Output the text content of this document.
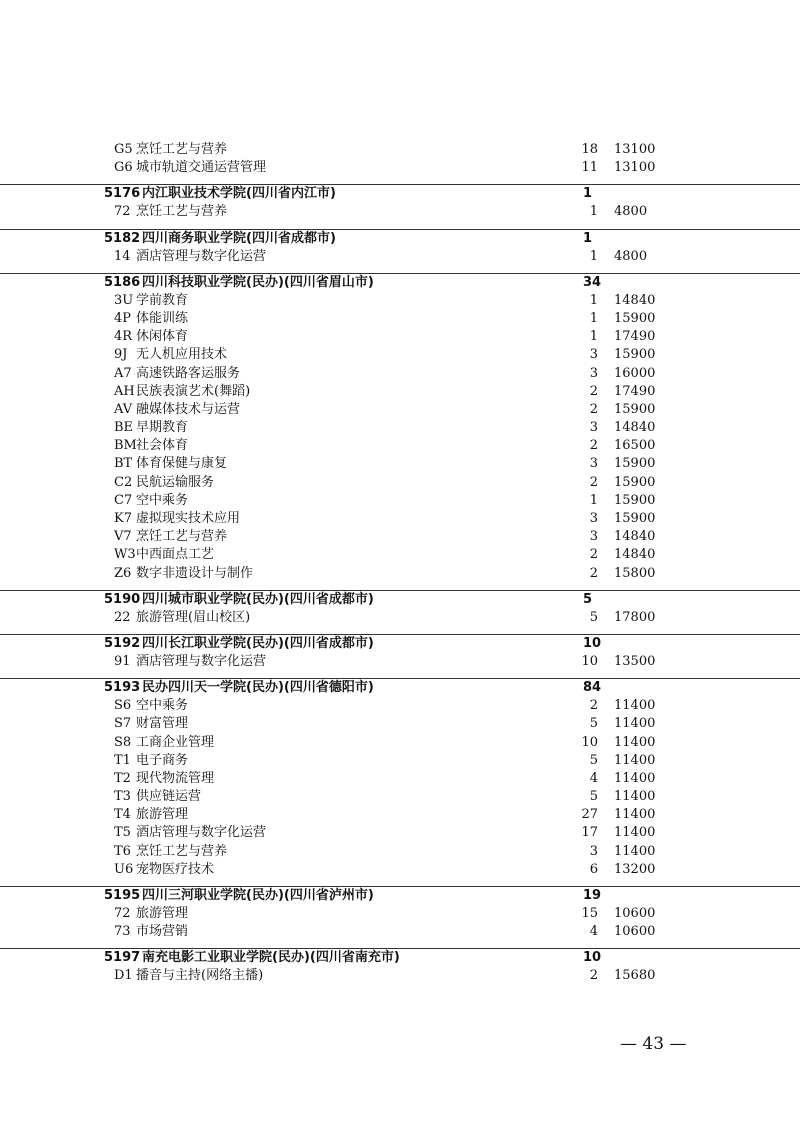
G5 烹饪工艺与营养	18 13100
G6 城市轨道交通运营管理	11 13100
5176 内江职业技术学院(四川省内江市)	1
72 烹饪工艺与营养	1 4800
5182 四川商务职业学院(四川省成都市)	1
14 酒店管理与数字化运营	1 4800
5186 四川科技职业学院(民办)(四川省眉山市)	34
3U 学前教育	1 14840
4P 体能训练	1 15900
4R 休闲体育	1 17490
9J 无人机应用技术	3 15900
A7 高速铁路客运服务	3 16000
AH 民族表演艺术(舞蹈)	2 17490
AV 融媒体技术与运营	2 15900
BE 早期教育	3 14840
BM 社会体育	2 16500
BT 体育保健与康复	3 15900
C2 民航运输服务	2 15900
C7 空中乘务	1 15900
K7 虚拟现实技术应用	3 15900
V7 烹饪工艺与营养	3 14840
W3 中西面点工艺	2 14840
Z6 数字非遗设计与制作	2 15800
5190 四川城市职业学院(民办)(四川省成都市)	5
22 旅游管理(眉山校区)	5 17800
5192 四川长江职业学院(民办)(四川省成都市)	10
91 酒店管理与数字化运营	10 13500
5193 民办四川天一学院(民办)(四川省德阳市)	84
S6 空中乘务	2 11400
S7 财富管理	5 11400
S8 工商企业管理	10 11400
T1 电子商务	5 11400
T2 现代物流管理	4 11400
T3 供应链运营	5 11400
T4 旅游管理	27 11400
T5 酒店管理与数字化运营	17 11400
T6 烹饪工艺与营养	3 11400
U6 宠物医疗技术	6 13200
5195 四川三河职业学院(民办)(四川省泸州市)	19
72 旅游管理	15 10600
73 市场营销	4 10600
5197 南充电影工业职业学院(民办)(四川省南充市)	10
D1 播音与主持(网络主播)	2 15680
— 43 —
